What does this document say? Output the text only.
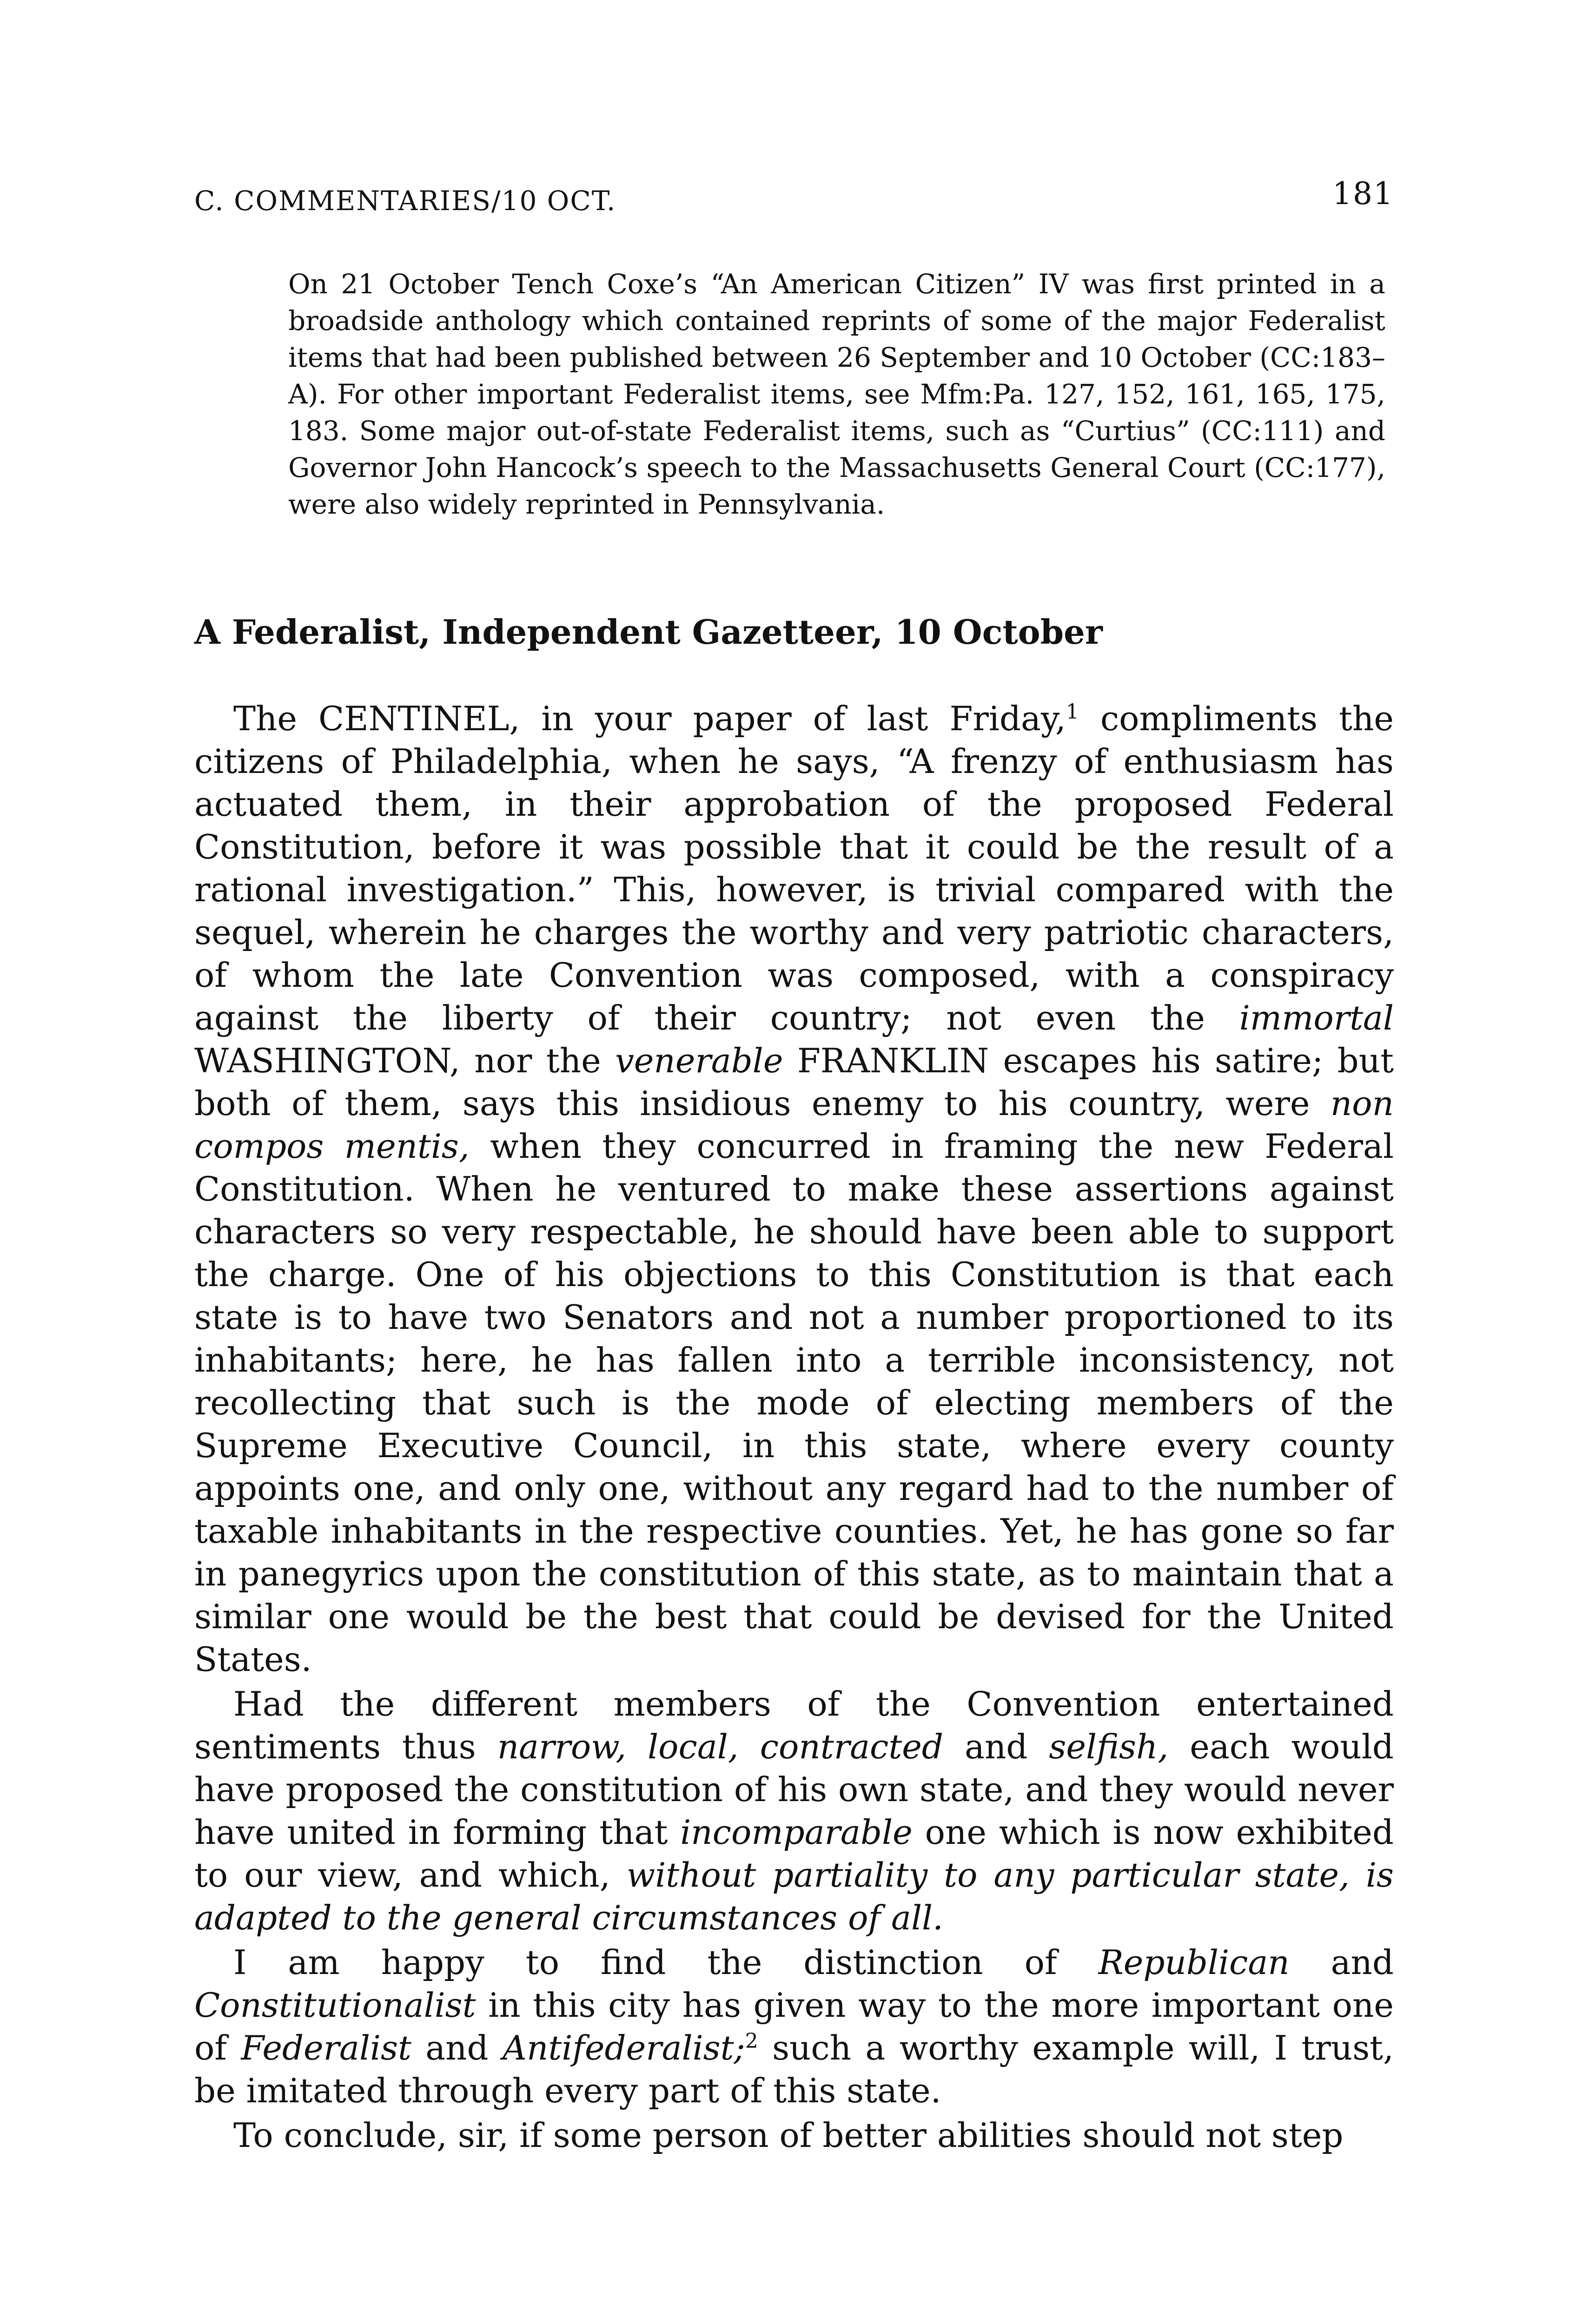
C. COMMENTARIES/10 OCT.	181

On 21 October Tench Coxe’s “An American Citizen” IV was first printed in a broadside anthology which contained reprints of some of the major Federalist items that had been published between 26 September and 10 October (CC:183–A). For other important Federalist items, see Mfm:Pa. 127, 152, 161, 165, 175, 183. Some major out-of-state Federalist items, such as “Curtius” (CC:111) and Governor John Hancock’s speech to the Massachusetts General Court (CC:177), were also widely reprinted in Pennsylvania.

A Federalist, Independent Gazetteer, 10 October

The CENTINEL, in your paper of last Friday,$^1$ compliments the citizens of Philadelphia, when he says, “A frenzy of enthusiasm has actuated them, in their approbation of the proposed Federal Constitution, before it was possible that it could be the result of a rational investigation.” This, however, is trivial compared with the sequel, wherein he charges the worthy and very patriotic characters, of whom the late Convention was composed, with a conspiracy against the liberty of their country; not even the immortal WASHINGTON, nor the venerable FRANKLIN escapes his satire; but both of them, says this insidious enemy to his country, were non compos mentis, when they concurred in framing the new Federal Constitution. When he ventured to make these assertions against characters so very respectable, he should have been able to support the charge. One of his objections to this Constitution is that each state is to have two Senators and not a number proportioned to its inhabitants; here, he has fallen into a terrible inconsistency, not recollecting that such is the mode of electing members of the Supreme Executive Council, in this state, where every county appoints one, and only one, without any regard had to the number of taxable inhabitants in the respective counties. Yet, he has gone so far in panegyrics upon the constitution of this state, as to maintain that a similar one would be the best that could be devised for the United States.

Had the different members of the Convention entertained sentiments thus narrow, local, contracted and selfish, each would have proposed the constitution of his own state, and they would never have united in forming that incomparable one which is now exhibited to our view, and which, without partiality to any particular state, is adapted to the general circumstances of all.

I am happy to find the distinction of Republican and Constitutionalist in this city has given way to the more important one of Federalist and Antifederalist;$^2$ such a worthy example will, I trust, be imitated through every part of this state.

To conclude, sir, if some person of better abilities should not step
